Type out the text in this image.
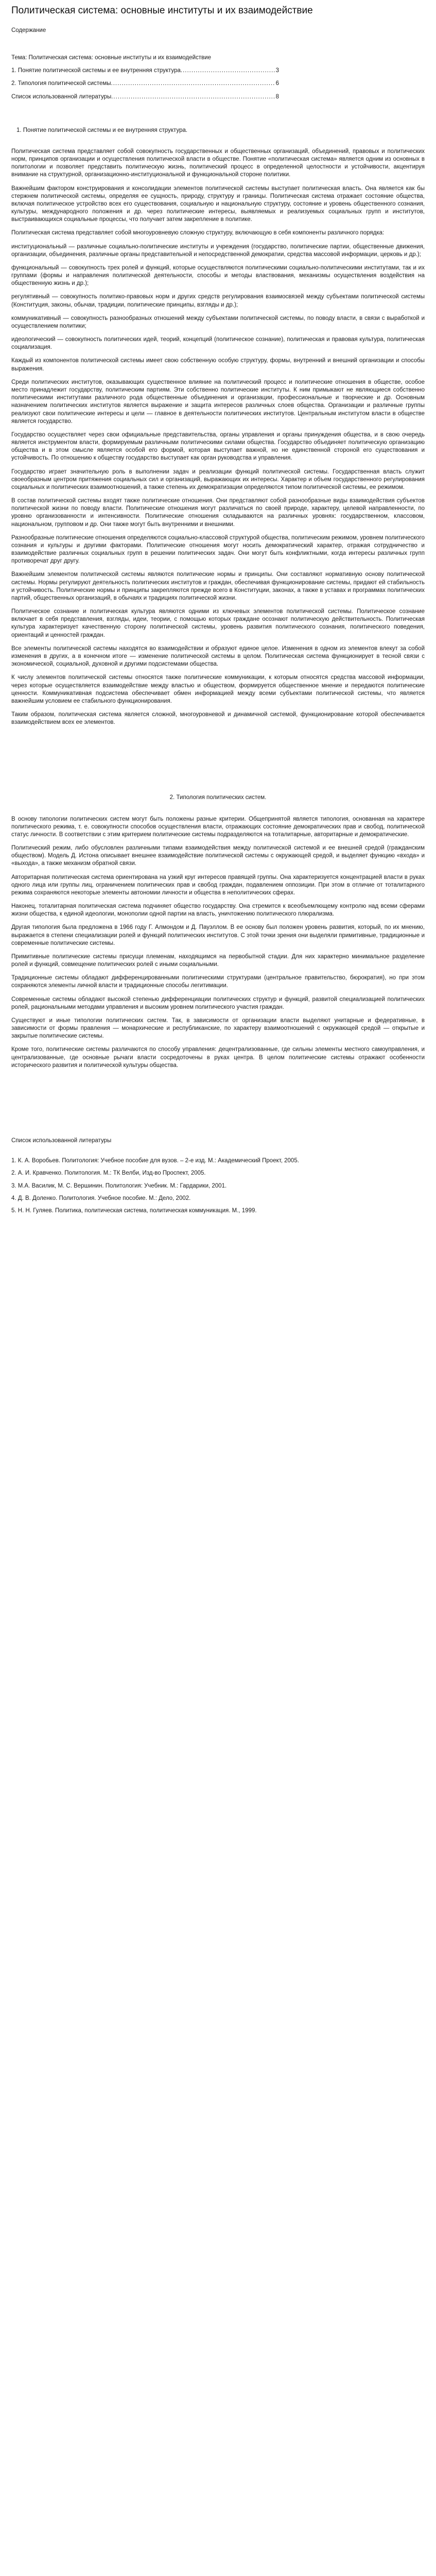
Политическая система: основные институты и их взаимодействие
Содержание
Тема: Политическая система: основные институты и их взаимодействие
1. Понятие политической системы и ее внутренняя структура .....	3
2. Типология политической системы .....	6
Список использованной литературы .....	8
1. Понятие политической системы и ее внутренняя структура.

Политическая система представляет собой совокупность государственных и общественных организаций, объединений, правовых и политических норм, принципов организации и осуществления политической власти в обществе. Понятие «политическая система» является одним из основных в политологии и позволяет представить политическую жизнь, политический процесс в определенной целостности и устойчивости, акцентируя внимание на структурной, организационно-институциональной и функциональной стороне политики.

Важнейшим фактором конструирования и консолидации элементов политической системы выступает политическая власть. Она является как бы стержнем политической системы, определяя ее сущность, природу, структуру и границы. Политическая система отражает состояние общества, включая политическое устройство всех его существования, социальную и национальную структуру, состояние и уровень общественного сознания, культуры, международного положения и др. через политические интересы, выявляемых и реализуемых социальных групп и институтов, выстраивающихся социальные процессы, что получает затем закрепление в политике.

Политическая система представляет собой многоуровневую сложную структуру, включающую в себя компоненты различного порядка:

институциональный — различные социально-политические институты и учреждения (государство, политические партии, общественные движения, организации, объединения, различные органы представительной и непосредственной демократии, средства массовой информации, церковь и др.);

функциональный — совокупность трех ролей и функций, которые осуществляются политическими социально-политическими институтами, так и их группами (формы и направления политической деятельности, способы и методы властвования, механизмы осуществления воздействия на общественную жизнь и др.);

регулятивный — совокупность политико-правовых норм и других средств регулирования взаимосвязей между субъектами политической системы (Конституция, законы, обычаи, традиции, политические принципы, взгляды и др.);

коммуникативный — совокупность разнообразных отношений между субъектами политической системы, по поводу власти, в связи с выработкой и осуществлением политики;

идеологический — совокупность политических идей, теорий, концепций (политическое сознание), политическая и правовая культура, политическая социализация.

Каждый из компонентов политической системы имеет свою собственную особую структуру, формы, внутренний и внешний организации и способы выражения.

Среди политических институтов, оказывающих существенное влияние на политический процесс и политические отношения в обществе, особое место принадлежит государству, политическим партиям. Эти собственно политические институты. К ним примыкают не являющиеся собственно политическими институтами различного рода общественные объединения и организации, профессиональные и творческие и др. Основным назначением политических институтов является выражение и защита интересов различных слоев общества. Организации и различные группы реализуют свои политические интересы и цели — главное в деятельности политических институтов. Центральным институтом власти в обществе является государство.

Государство осуществляет через свои официальные представительства, органы управления и органы принуждения общества, и в свою очередь является инструментом власти, формируемым различными политическими силами общества. Государство объединяет политическую организацию общества и в этом смысле является особой его формой, которая выступает важной, но не единственной стороной его существования и устойчивость. По отношению к обществу государство выступает как орган руководства и управления.

Государство играет значительную роль в выполнении задач и реализации функций политической системы. Государственная власть служит своеобразным центром притяжения социальных сил и организаций, выражающих их интересы. Характер и объем государственного регулирования социальных и политических взаимоотношений, а также степень их демократизации определяются типом политической системы, ее режимом.

В состав политической системы входят также политические отношения. Они представляют собой разнообразные виды взаимодействия субъектов политической жизни по поводу власти. Политические отношения могут различаться по своей природе, характеру, целевой направленности, по уровню организованности и интенсивности. Политические отношения складываются на различных уровнях: государственном, классовом, национальном, групповом и др. Они также могут быть внутренними и внешними.

Разнообразные политические отношения определяются социально-классовой структурой общества, политическим режимом, уровнем политического сознания и культуры и другими факторами. Политические отношения могут носить демократический характер, отражая сотрудничество и взаимодействие различных социальных групп в решении политических задач. Они могут быть конфликтными, когда интересы различных групп противоречат друг другу.

Важнейшим элементом политической системы являются политические нормы и принципы. Они составляют нормативную основу политической системы. Нормы регулируют деятельность политических институтов и граждан, обеспечивая функционирование системы, придают ей стабильность и устойчивость. Политические нормы и принципы закрепляются прежде всего в Конституции, законах, а также в уставах и программах политических партий, общественных организаций, в обычаях и традициях политической жизни.

Политическое сознание и политическая культура являются одними из ключевых элементов политической системы. Политическое сознание включает в себя представления, взгляды, идеи, теории, с помощью которых граждане осознают политическую действительность. Политическая культура характеризует качественную сторону политической системы, уровень развития политического сознания, политического поведения, ориентаций и ценностей граждан.

Все элементы политической системы находятся во взаимодействии и образуют единое целое. Изменения в одном из элементов влекут за собой изменения в других, а в конечном итоге — изменение политической системы в целом. Политическая система функционирует в тесной связи с экономической, социальной, духовной и другими подсистемами общества.

К числу элементов политической системы относятся также политические коммуникации, к которым относятся средства массовой информации, через которые осуществляется взаимодействие между властью и обществом, формируется общественное мнение и передаются политические ценности. Коммуникативная подсистема обеспечивает обмен информацией между всеми субъектами политической системы, что является важнейшим условием ее стабильного функционирования.

Таким образом, политическая система является сложной, многоуровневой и динамичной системой, функционирование которой обеспечивается взаимодействием всех ее элементов.

2. Типология политических систем.

В основу типологии политических систем могут быть положены разные критерии. Общепринятой является типология, основанная на характере политического режима, т. е. совокупности способов осуществления власти, отражающих состояние демократических прав и свобод, политической статус личности. В соответствии с этим критерием политические системы подразделяются на тоталитарные, авторитарные и демократические.

Политический режим, либо обусловлен различными типами взаимодействия между политической системой и ее внешней средой (гражданским обществом). Модель Д. Истона описывает внешнее взаимодействие политической системы с окружающей средой, и выделяет функцию «входа» и «выхода», а также механизм обратной связи.

Авторитарная политическая система ориентирована на узкий круг интересов правящей группы. Она характеризуется концентрацией власти в руках одного лица или группы лиц, ограничением политических прав и свобод граждан, подавлением оппозиции. При этом в отличие от тоталитарного режима сохраняются некоторые элементы автономии личности и общества в неполитических сферах.

Наконец, тоталитарная политическая система подчиняет общество государству. Она стремится к всеобъемлющему контролю над всеми сферами жизни общества, к единой идеологии, монополии одной партии на власть, уничтожению политического плюрализма.

Другая типология была предложена в 1966 году Г. Алмондом и Д. Пауэллом. В ее основу был положен уровень развития, который, по их мнению, выражается в степени специализации ролей и функций политических институтов. С этой точки зрения они выделяли примитивные, традиционные и современные политические системы.

Примитивные политические системы присущи племенам, находящимся на первобытной стадии. Для них характерно минимальное разделение ролей и функций, совмещение политических ролей с иными социальными.

Традиционные системы обладают дифференцированными политическими структурами (центральное правительство, бюрократия), но при этом сохраняются элементы личной власти и традиционные способы легитимации.

Современные системы обладают высокой степенью дифференциации политических структур и функций, развитой специализацией политических ролей, рациональными методами управления и высоким уровнем политического участия граждан.

Существуют и иные типологии политических систем. Так, в зависимости от организации власти выделяют унитарные и федеративные, в зависимости от формы правления — монархические и республиканские, по характеру взаимоотношений с окружающей средой — открытые и закрытые политические системы.

Кроме того, политические системы различаются по способу управления: децентрализованные, где сильны элементы местного самоуправления, и централизованные, где основные рычаги власти сосредоточены в руках центра. В целом политические системы отражают особенности исторического развития и политической культуры общества.

Список использованной литературы

1. К. А. Воробьев. Политология: Учебное пособие для вузов. – 2-е изд. М.: Академический Проект, 2005.

2. А. И. Кравченко. Политология. М.: ТК Велби, Изд-во Проспект, 2005.

3. М.А. Василик, М. С. Вершинин. Политология: Учебник. М.: Гардарики, 2001.

4. Д. В. Доленко. Политология. Учебное пособие. М.: Дело, 2002.

5. Н. Н. Гуляев. Политика, политическая система, политическая коммуникация. М., 1999.
